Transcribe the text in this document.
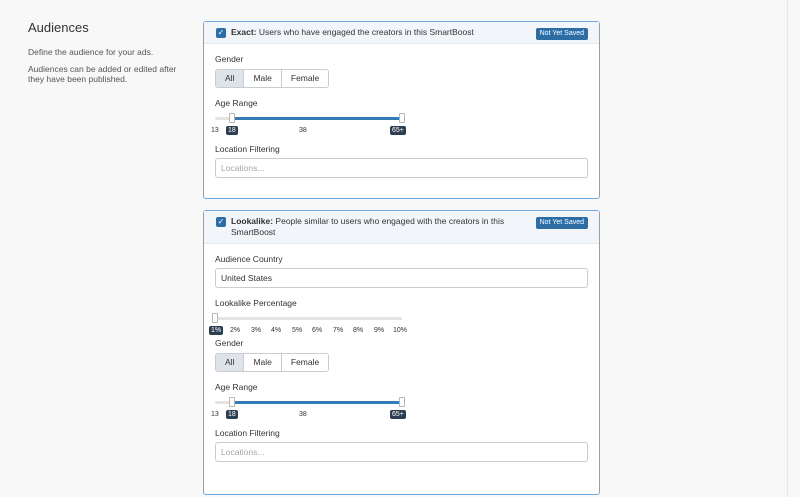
Audiences

Define the audience for your ads.

Audiences can be added or edited after they have been published.

✓ Exact: Users who have engaged the creators in this SmartBoost	Not Yet Saved
Gender
All	Male	Female
Age Range
13 18	38	65+
Location Filtering
Locations...
✓ Lookalike: People similar to users who engaged with the creators in this SmartBoost
Not Yet Saved
Audience Country
United States
Lookalike Percentage
1% 2% 3% 4% 5% 6% 7% 8% 9% 10%
Gender
All	Male	Female
Age Range
13 18	38	65+
Location Filtering
Locations...
